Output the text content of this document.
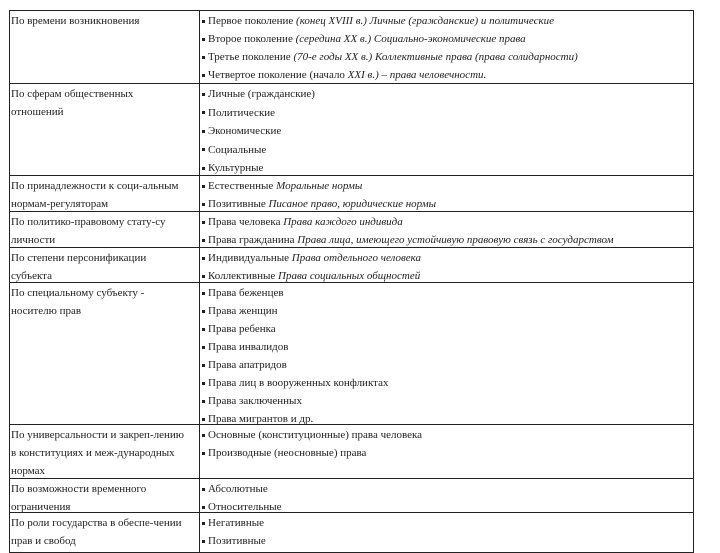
По времени возникновения	Первое поколение (конец XVIII в.) Личные (гражданские) и политические
Второе поколение (середина XX в.) Социально-экономические права
Третье поколение (70-е годы XX в.) Коллективные права (права солидарности)
Четвертое поколение (начало XXI в.) – права человечности.
По сферам общественных
отношений
Личные (гражданские)
Политические
Экономические
Социальные
Культурные
По принадлежности к соци-альным
нормам-регуляторам
Естественные Моральные нормы
Позитивные Писаное право, юридические нормы
По политико-правовому стату-су
личности
Права человека Права каждого индивида
Права гражданина Права лица, имеющего устойчивую правовую связь с государством
По степени персонификации
субъекта
Индивидуальные Права отдельного человека
Коллективные Права социальных общностей
По специальному субъекту -
носителю прав
Права беженцев
Права женщин
Права ребенка
Права инвалидов
Права апатридов
Права лиц в вооруженных конфликтах
Права заключенных
Права мигрантов и др.
По универсальности и закреп-лению
в конституциях и меж-дународных
нормах
Основные (конституционные) права человека
Производные (неосновные) права
По возможности временного
ограничения
Абсолютные
Относительные
По роли государства в обеспе-чении
прав и свобод
Негативные
Позитивные
